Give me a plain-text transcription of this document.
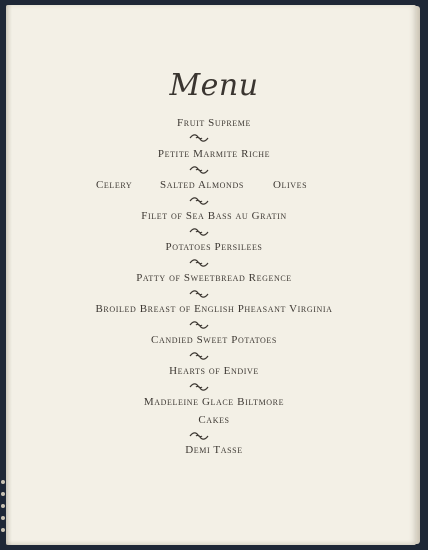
Menu
Fruit Supreme
Petite Marmite Riche
Celery	Salted Almonds	Olives
Filet of Sea Bass au Gratin
Potatoes Persilees
Patty of Sweetbread Regence
Broiled Breast of English Pheasant Virginia
Candied Sweet Potatoes
Hearts of Endive
Madeleine Glace Biltmore
Cakes
Demi Tasse
